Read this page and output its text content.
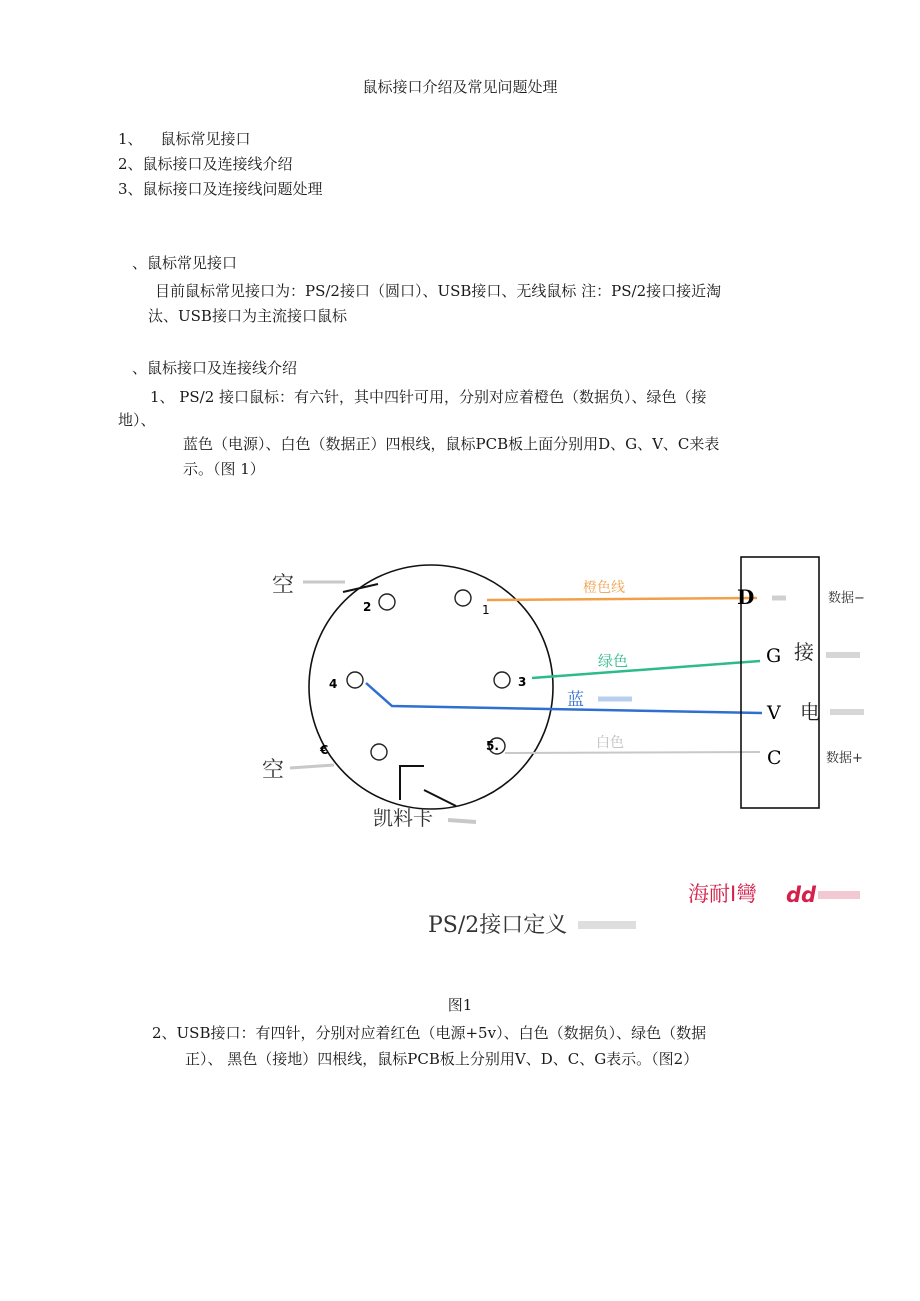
鼠标接口介绍及常见问题处理
1、 鼠标常见接口
2、鼠标接口及连接线介绍
3、鼠标接口及连接线问题处理
、鼠标常见接口
目前鼠标常见接口为：PS/2接口（圆口）、USB接口、无线鼠标 注：PS/2接口接近淘
汰、USB接口为主流接口鼠标
、鼠标接口及连接线介绍
1、 PS/2 接口鼠标：有六针，其中四针可用，分别对应着橙色（数据负）、绿色（接
地）、
蓝色（电源）、白色（数据正）四根线，鼠标PCB板上面分别用D、G、V、C来表
示。（图 1）
2	1
4	3
5.
€
空
空
凯料卡
橙色线
绿色
蓝
白色
D
G
V
C
接
电
数据−
数据+
海耐I彎 dd
PS/2接口定义
图1
2、USB接口：有四针，分别对应着红色（电源+5v）、白色（数据负）、绿色（数据
正）、 黑色（接地）四根线，鼠标PCB板上分别用V、D、C、G表示。（图2）
